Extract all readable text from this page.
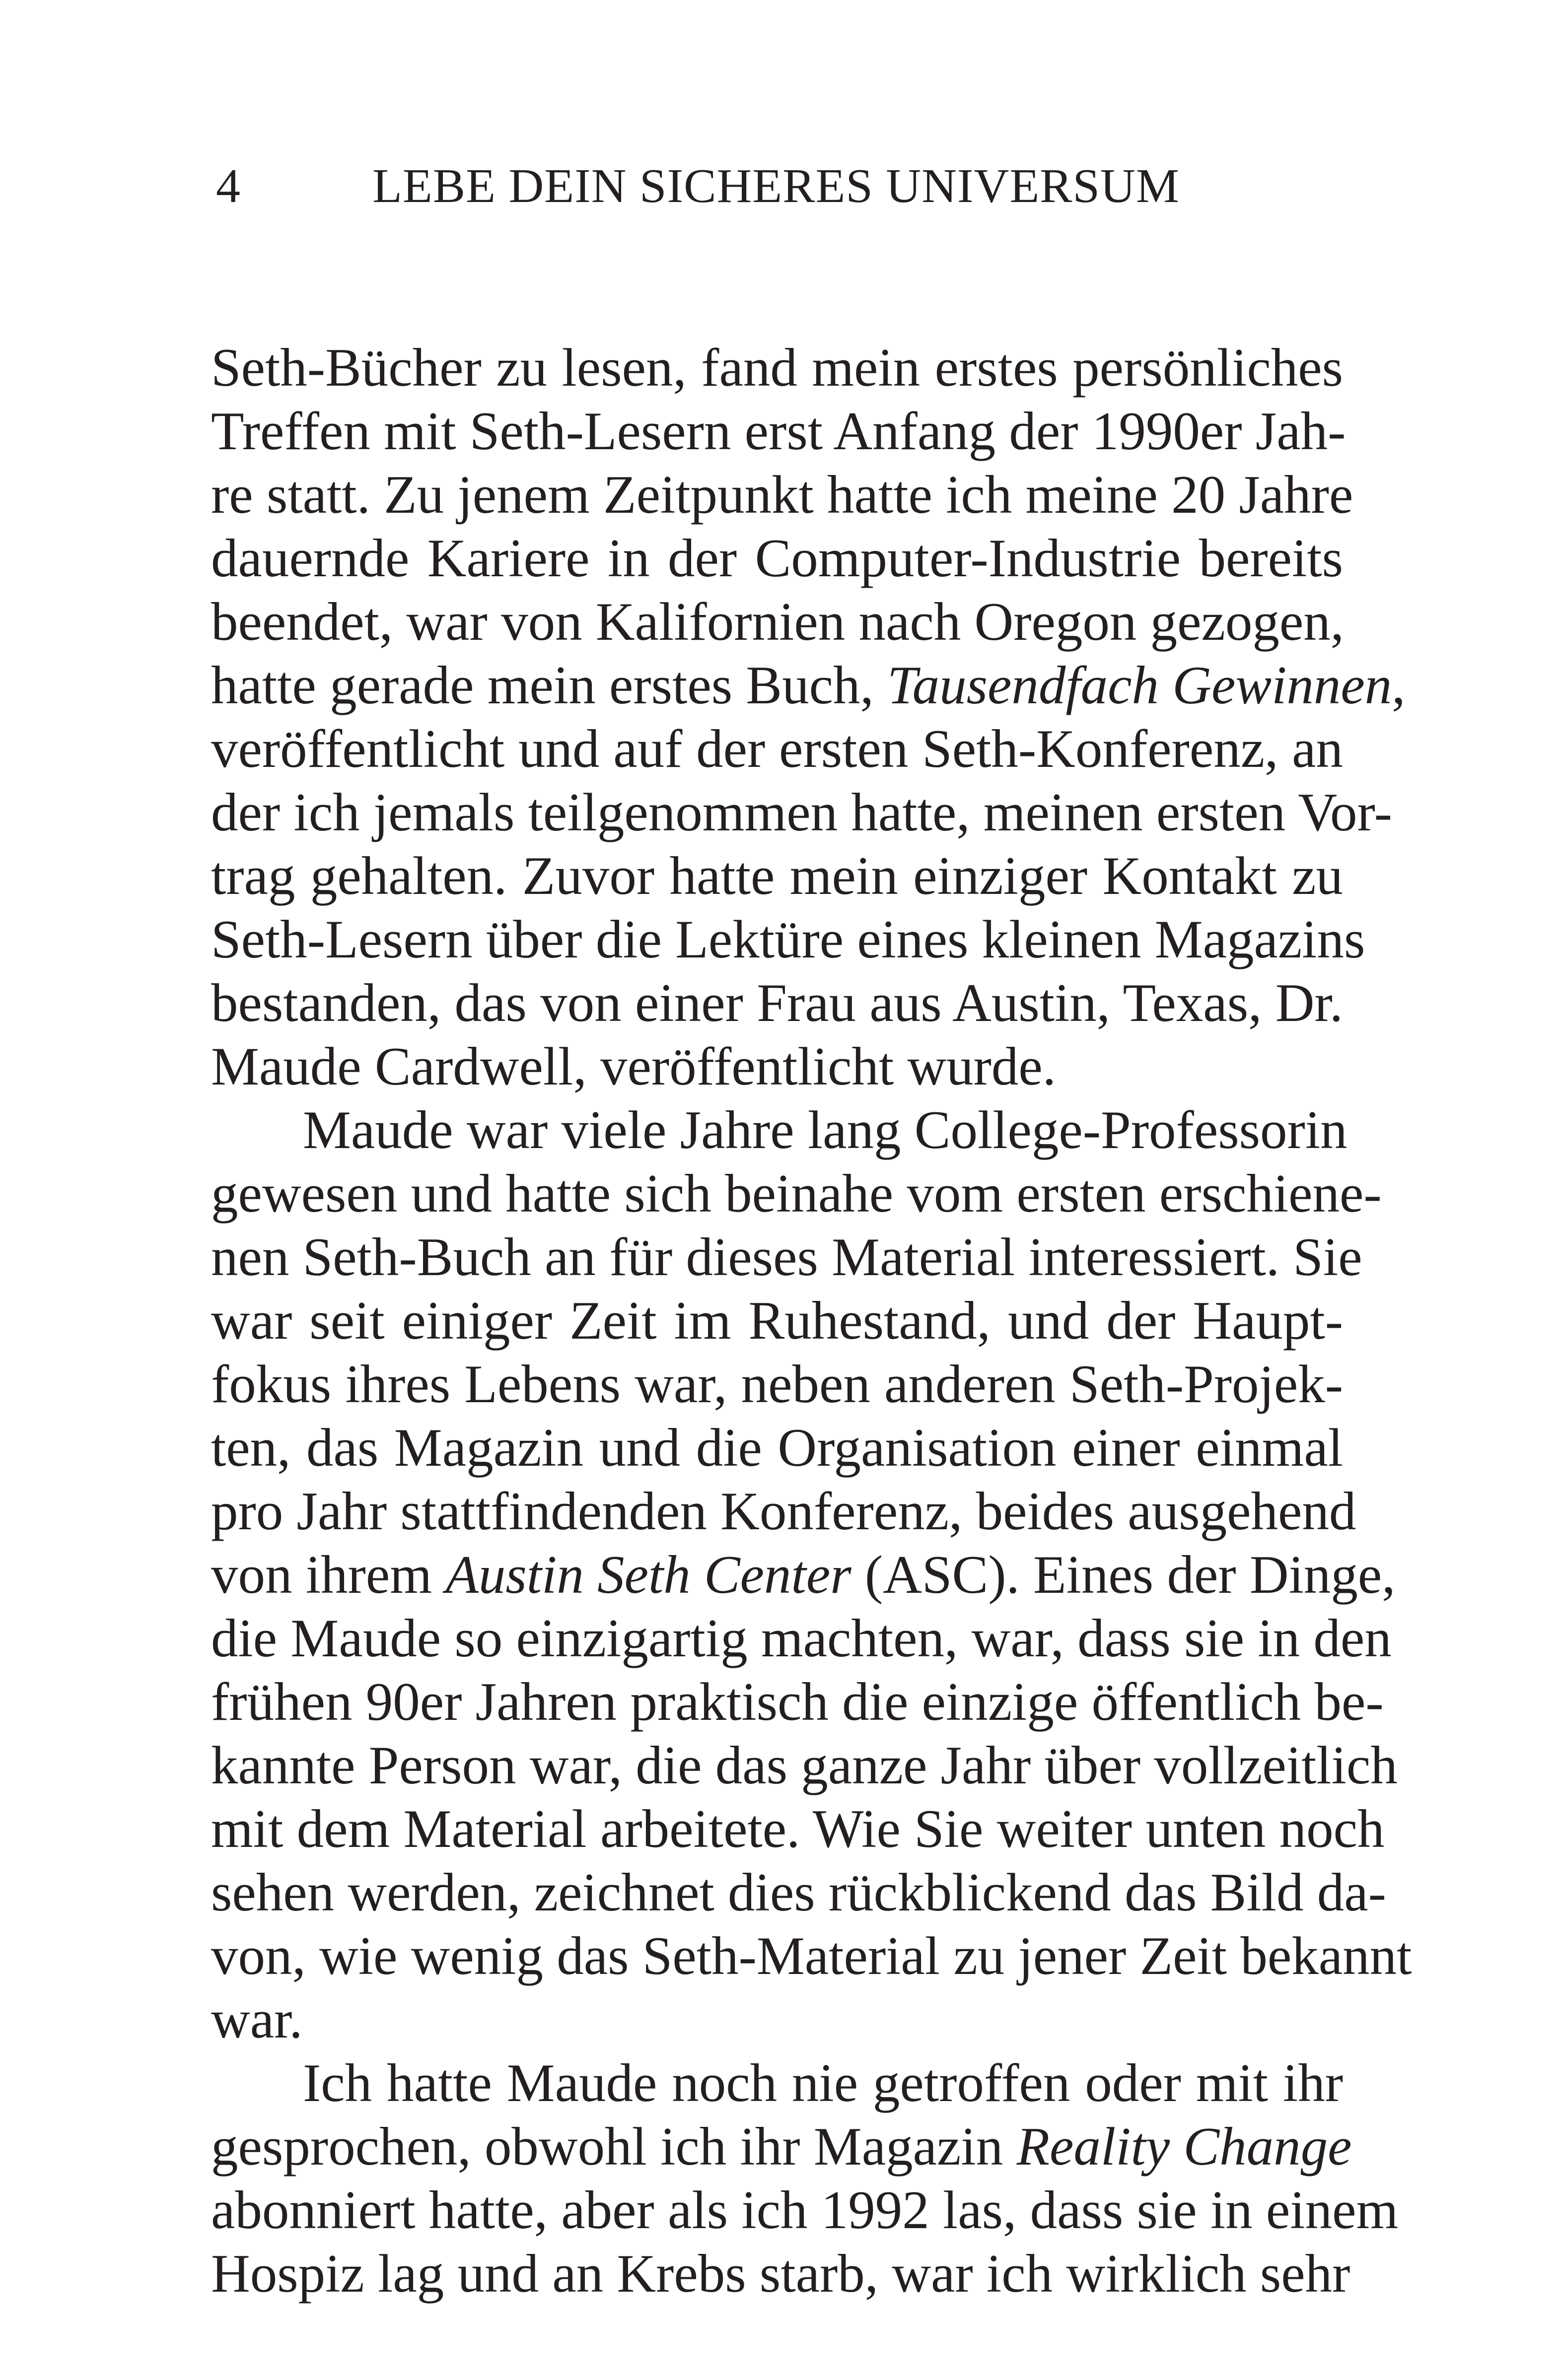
4	LEBE DEIN SICHERES UNIVERSUM
Seth-Bücher zu lesen, fand mein erstes persönliches
Treffen mit Seth-Lesern erst Anfang der 1990er Jah-
re statt. Zu jenem Zeitpunkt hatte ich meine 20 Jahre
dauernde Kariere in der Computer-Industrie bereits
beendet, war von Kalifornien nach Oregon gezogen,
hatte gerade mein erstes Buch, Tausendfach Gewinnen,
veröffentlicht und auf der ersten Seth-Konferenz, an
der ich jemals teilgenommen hatte, meinen ersten Vor-
trag gehalten. Zuvor hatte mein einziger Kontakt zu
Seth-Lesern über die Lektüre eines kleinen Magazins
bestanden, das von einer Frau aus Austin, Texas, Dr.
Maude Cardwell, veröffentlicht wurde.
Maude war viele Jahre lang College-Professorin
gewesen und hatte sich beinahe vom ersten erschiene-
nen Seth-Buch an für dieses Material interessiert. Sie
war seit einiger Zeit im Ruhestand, und der Haupt-
fokus ihres Lebens war, neben anderen Seth-Projek-
ten, das Magazin und die Organisation einer einmal
pro Jahr stattfindenden Konferenz, beides ausgehend
von ihrem Austin Seth Center (ASC). Eines der Dinge,
die Maude so einzigartig machten, war, dass sie in den
frühen 90er Jahren praktisch die einzige öffentlich be-
kannte Person war, die das ganze Jahr über vollzeitlich
mit dem Material arbeitete. Wie Sie weiter unten noch
sehen werden, zeichnet dies rückblickend das Bild da-
von, wie wenig das Seth-Material zu jener Zeit bekannt
war.
Ich hatte Maude noch nie getroffen oder mit ihr
gesprochen, obwohl ich ihr Magazin Reality Change
abonniert hatte, aber als ich 1992 las, dass sie in einem
Hospiz lag und an Krebs starb, war ich wirklich sehr
